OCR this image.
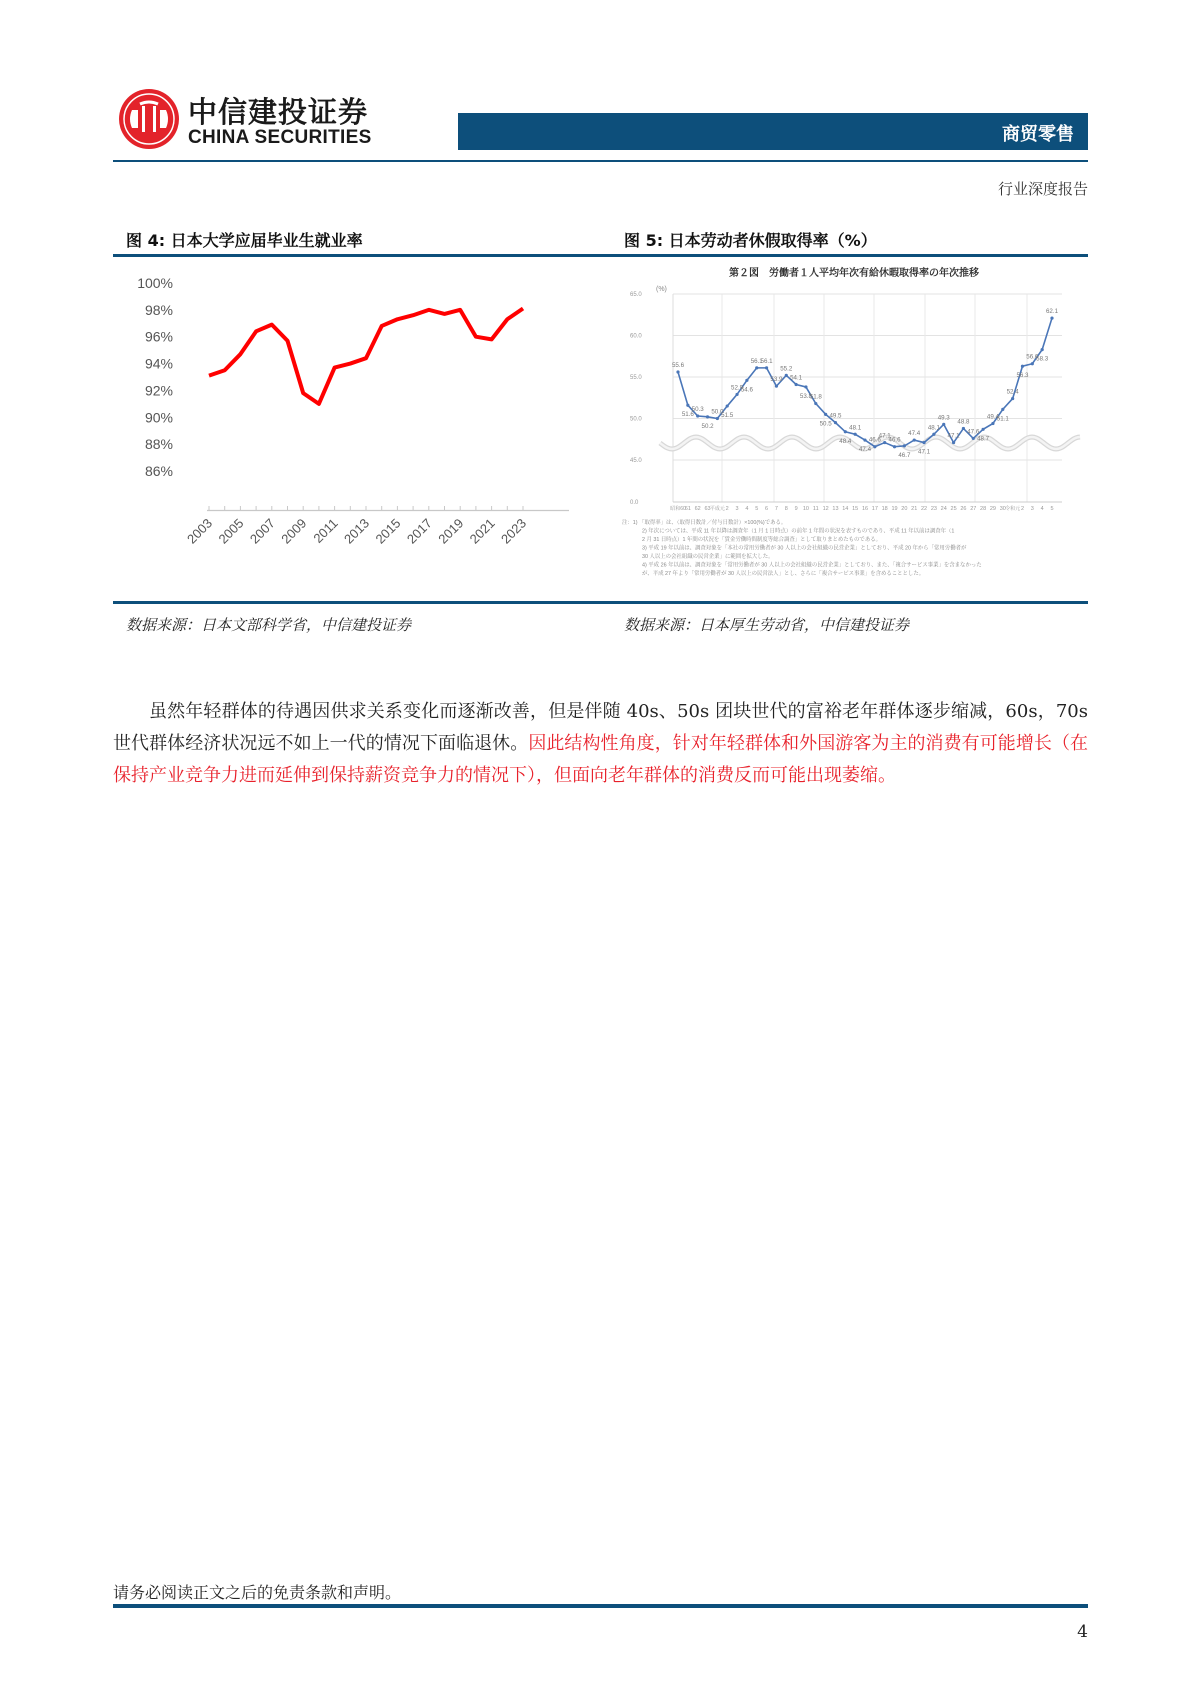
中信建投证券
CHINA SECURITIES	商贸零售
行业深度报告
图 4: 日本大学应届毕业生就业率	图 5: 日本劳动者休假取得率（%）
100%
98%
96%
94%
92%
90%
88%
86%
2003 2005 2007 2009 2011 2013 2015 2017 2019 2021 2023
第２図　労働者１人平均年次有給休暇取得率の年次推移
(%)
65.0
60.0
55.0
50.0
45.0
0.0
55.6
51.6
50.3
50.2
50.0
51.5
52.9
54.6
56.1
56.1
53.9
55.2
54.1
53.8
51.8
50.5
49.5
48.4
48.1
47.4
46.6
47.1
46.6
46.7
47.4
47.1
48.1
49.3
47.1
48.8
47.6
48.7
49.4
51.1
52.4
56.3
56.6
58.3
62.1
昭和60
61 62 63 平成元 2 3 4 5 6 7 8 9 10 11 12 13 14 15 16 17 18 19 20 21 22 23 24 25 26 27 28 29 30 令和元 2 3 4 5
注：1) 「取得率」は、（取得日数計／付与日数計）×100(%)である。
2) 年次については、平成 11 年以降は調査年（1 月 1 日時点）の前年 1 年間の状況を表すものであり、平成 11 年以前は調査年（1
2 月 31 日時点）1 年間の状況を「賃金労働時間制度等総合調査」として取りまとめたものである。
3) 平成 19 年以前は、調査対象を「本社の常用労働者が 30 人以上の会社組織の民営企業」としており、平成 20 年から「常用労働者が
30 人以上の会社組織の民営企業」に範囲を拡大した。
4) 平成 26 年以前は、調査対象を「常用労働者が 30 人以上の会社組織の民営企業」としており、また、「複合サービス事業」を含まなかった
が、平成 27 年より「常用労働者が 30 人以上の民営法人」とし、さらに「複合サービス事業」を含めることとした。
数据来源：日本文部科学省，中信建投证券	数据来源：日本厚生劳动省，中信建投证券
虽然年轻群体的待遇因供求关系变化而逐渐改善，但是伴随 40s、50s 团块世代的富裕老年群体逐步缩减，60s，70s 世代群体经济状况远不如上一代的情况下面临退休。因此结构性角度，针对年轻群体和外国游客为主的消费有可能增长（在保持产业竞争力进而延伸到保持薪资竞争力的情况下），但面向老年群体的消费反而可能出现萎缩。
请务必阅读正文之后的免责条款和声明。
4
